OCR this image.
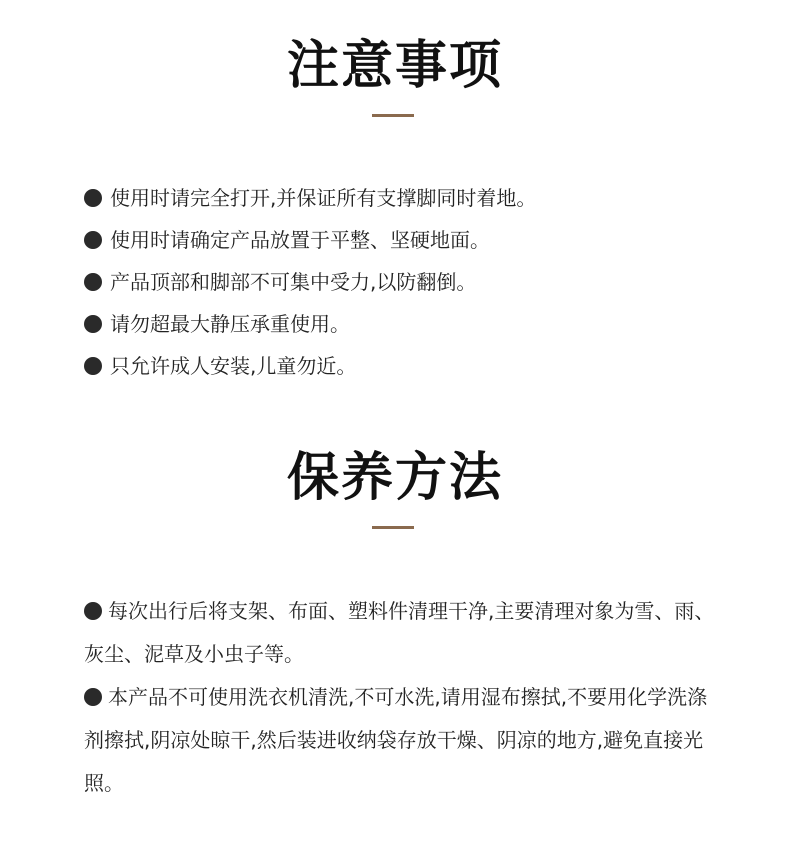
注意事项
使用时请完全打开,并保证所有支撑脚同时着地。
使用时请确定产品放置于平整、坚硬地面。
产品顶部和脚部不可集中受力,以防翻倒。
请勿超最大静压承重使用。
只允许成人安装,儿童勿近。
保养方法

每次出行后将支架、布面、塑料件清理干净,主要清理对象为雪、雨、灰尘、泥草及小虫子等。

本产品不可使用洗衣机清洗,不可水洗,请用湿布擦拭,不要用化学洗涤剂擦拭,阴凉处晾干,然后装进收纳袋存放干燥、阴凉的地方,避免直接光照。
